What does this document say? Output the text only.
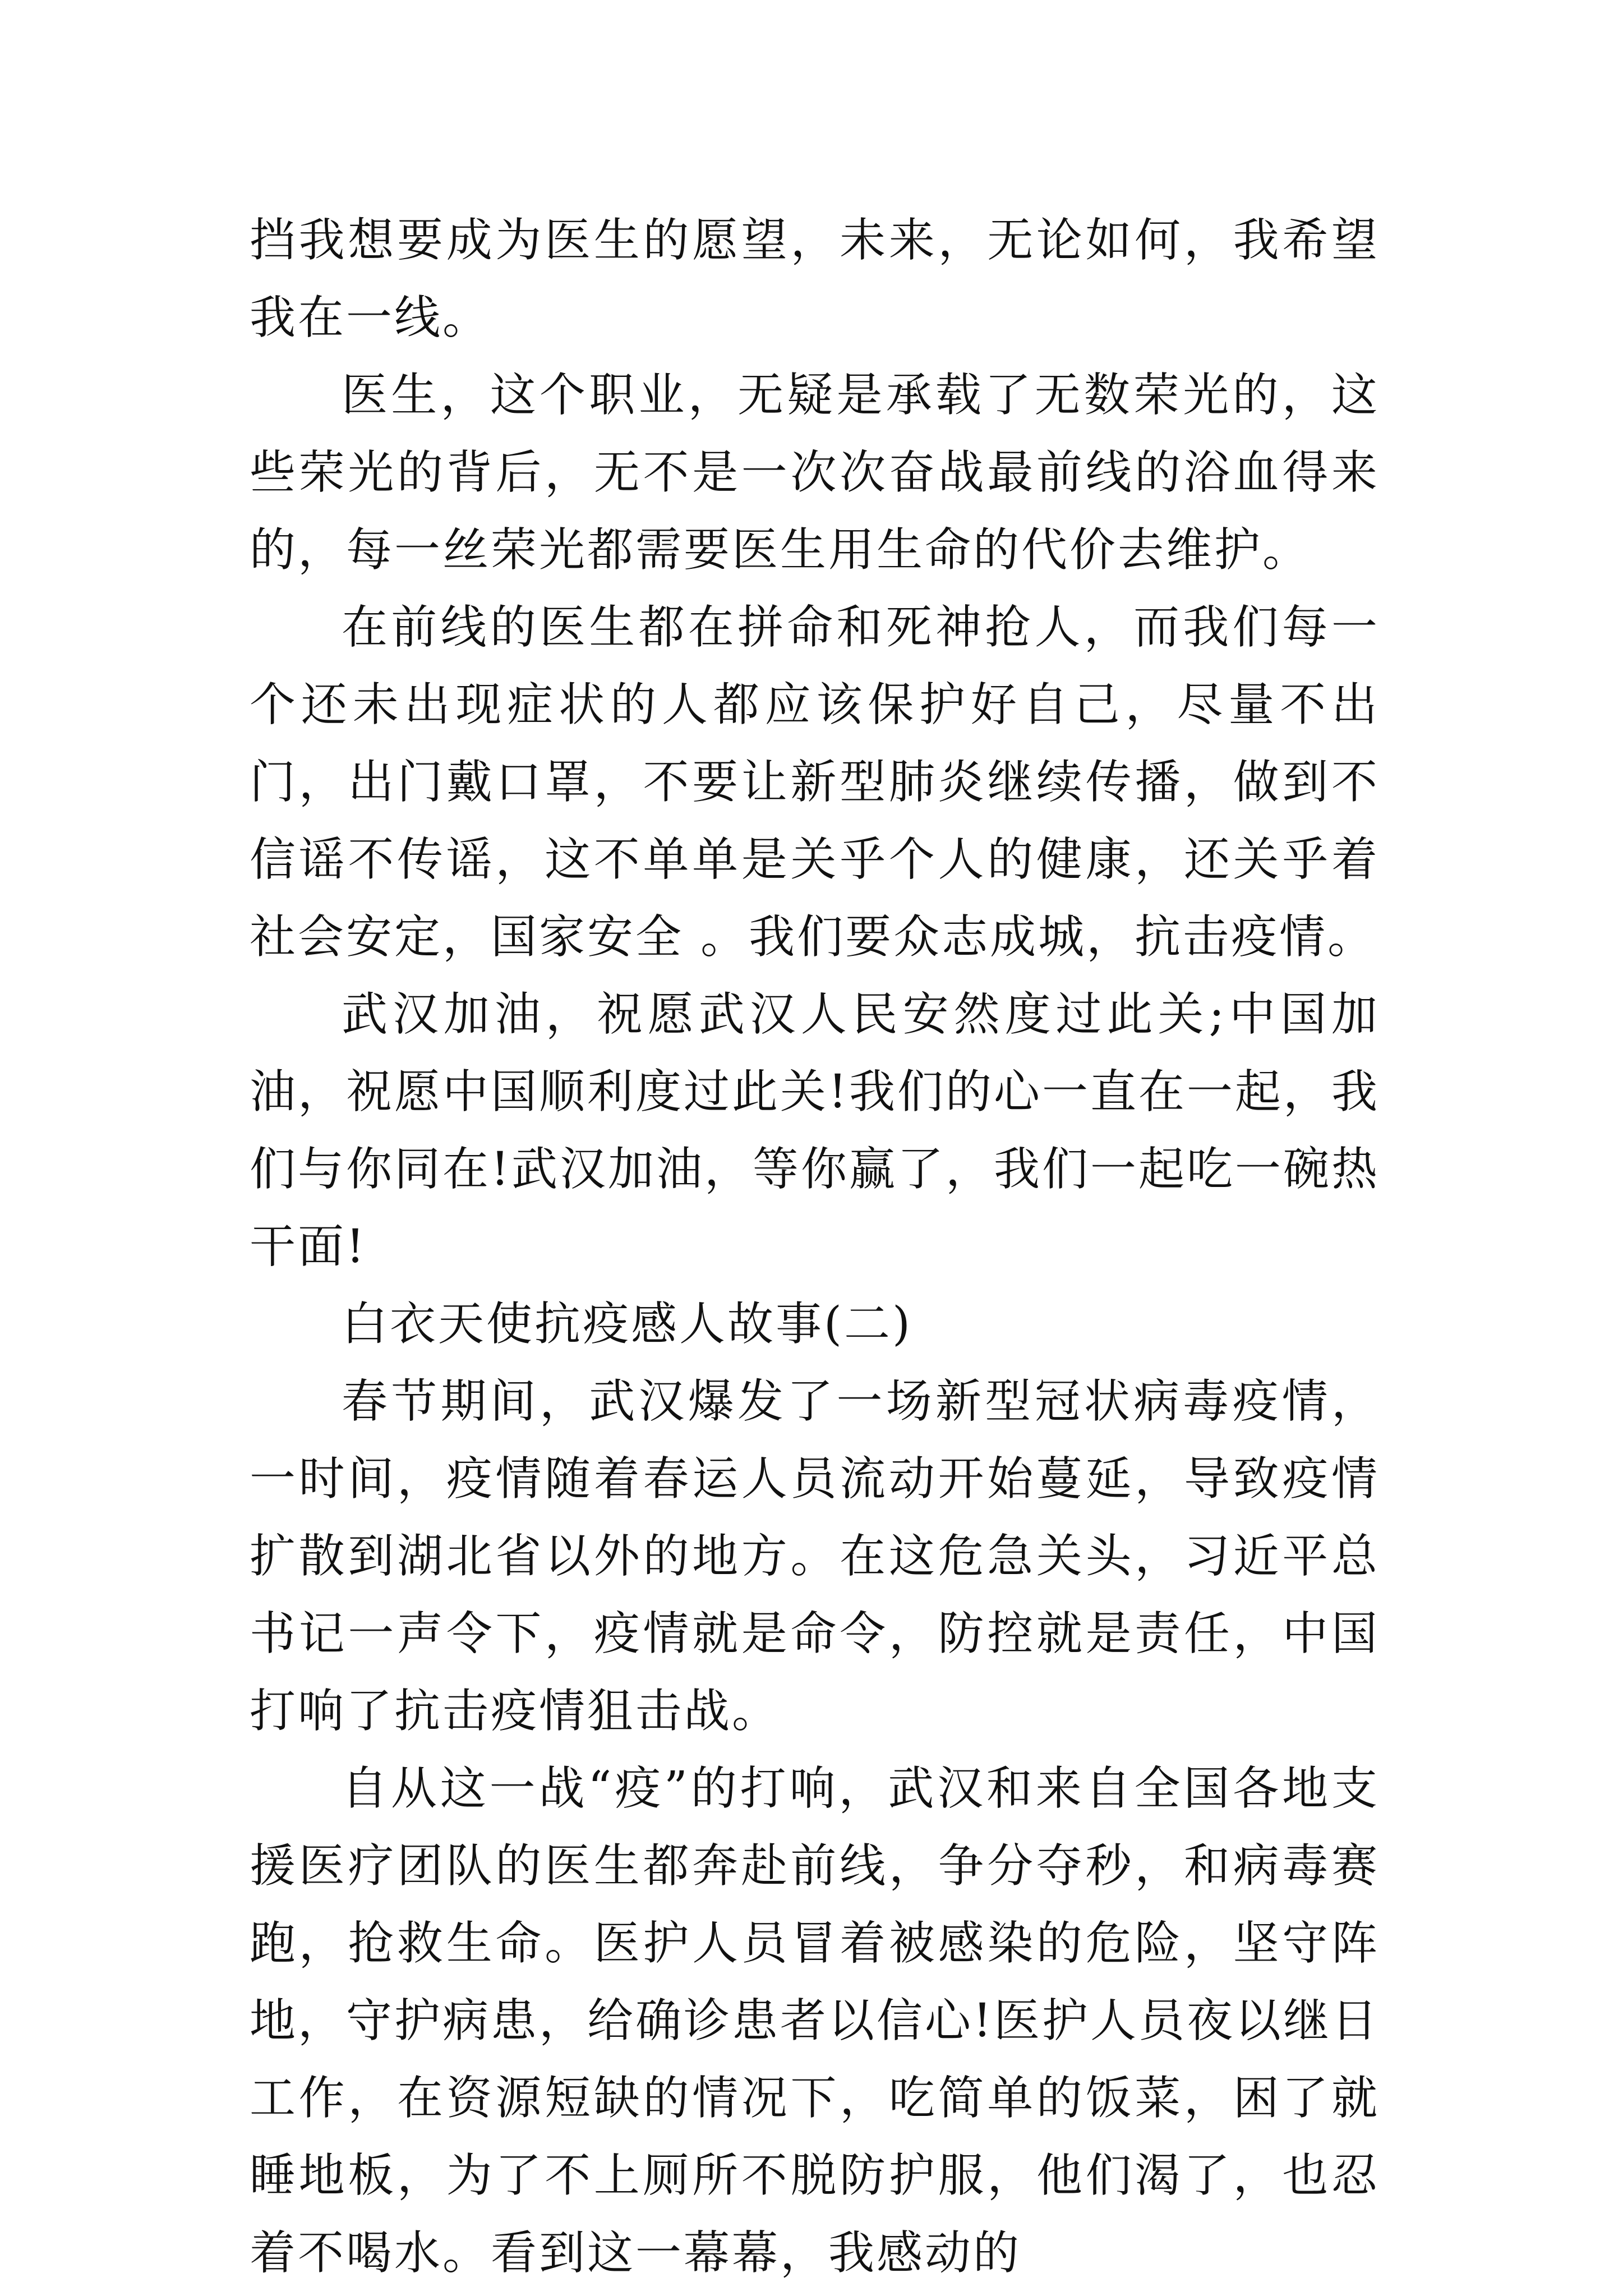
挡我想要成为医生的愿望，未来，无论如何，我希望我在一线。

医生，这个职业，无疑是承载了无数荣光的，这些荣光的背后，无不是一次次奋战最前线的浴血得来的，每一丝荣光都需要医生用生命的代价去维护。

在前线的医生都在拼命和死神抢人，而我们每一个还未出现症状的人都应该保护好自己，尽量不出门，出门戴口罩，不要让新型肺炎继续传播，做到不信谣不传谣，这不单单是关乎个人的健康，还关乎着社会安定，国家安全 。我们要众志成城，抗击疫情。

武汉加油，祝愿武汉人民安然度过此关;中国加油，祝愿中国顺利度过此关!我们的心一直在一起，我们与你同在!武汉加油，等你赢了，我们一起吃一碗热干面!

白衣天使抗疫感人故事(二)

春节期间，武汉爆发了一场新型冠状病毒疫情，一时间，疫情随着春运人员流动开始蔓延，导致疫情扩散到湖北省以外的地方。在这危急关头，习近平总书记一声令下，疫情就是命令，防控就是责任，中国打响了抗击疫情狙击战。

自从这一战“疫”的打响，武汉和来自全国各地支援医疗团队的医生都奔赴前线，争分夺秒，和病毒赛跑，抢救生命。医护人员冒着被感染的危险，坚守阵地，守护病患，给确诊患者以信心!医护人员夜以继日工作，在资源短缺的情况下，吃简单的饭菜，困了就睡地板，为了不上厕所不脱防护服，他们渴了，也忍着不喝水。看到这一幕幕，我感动的
